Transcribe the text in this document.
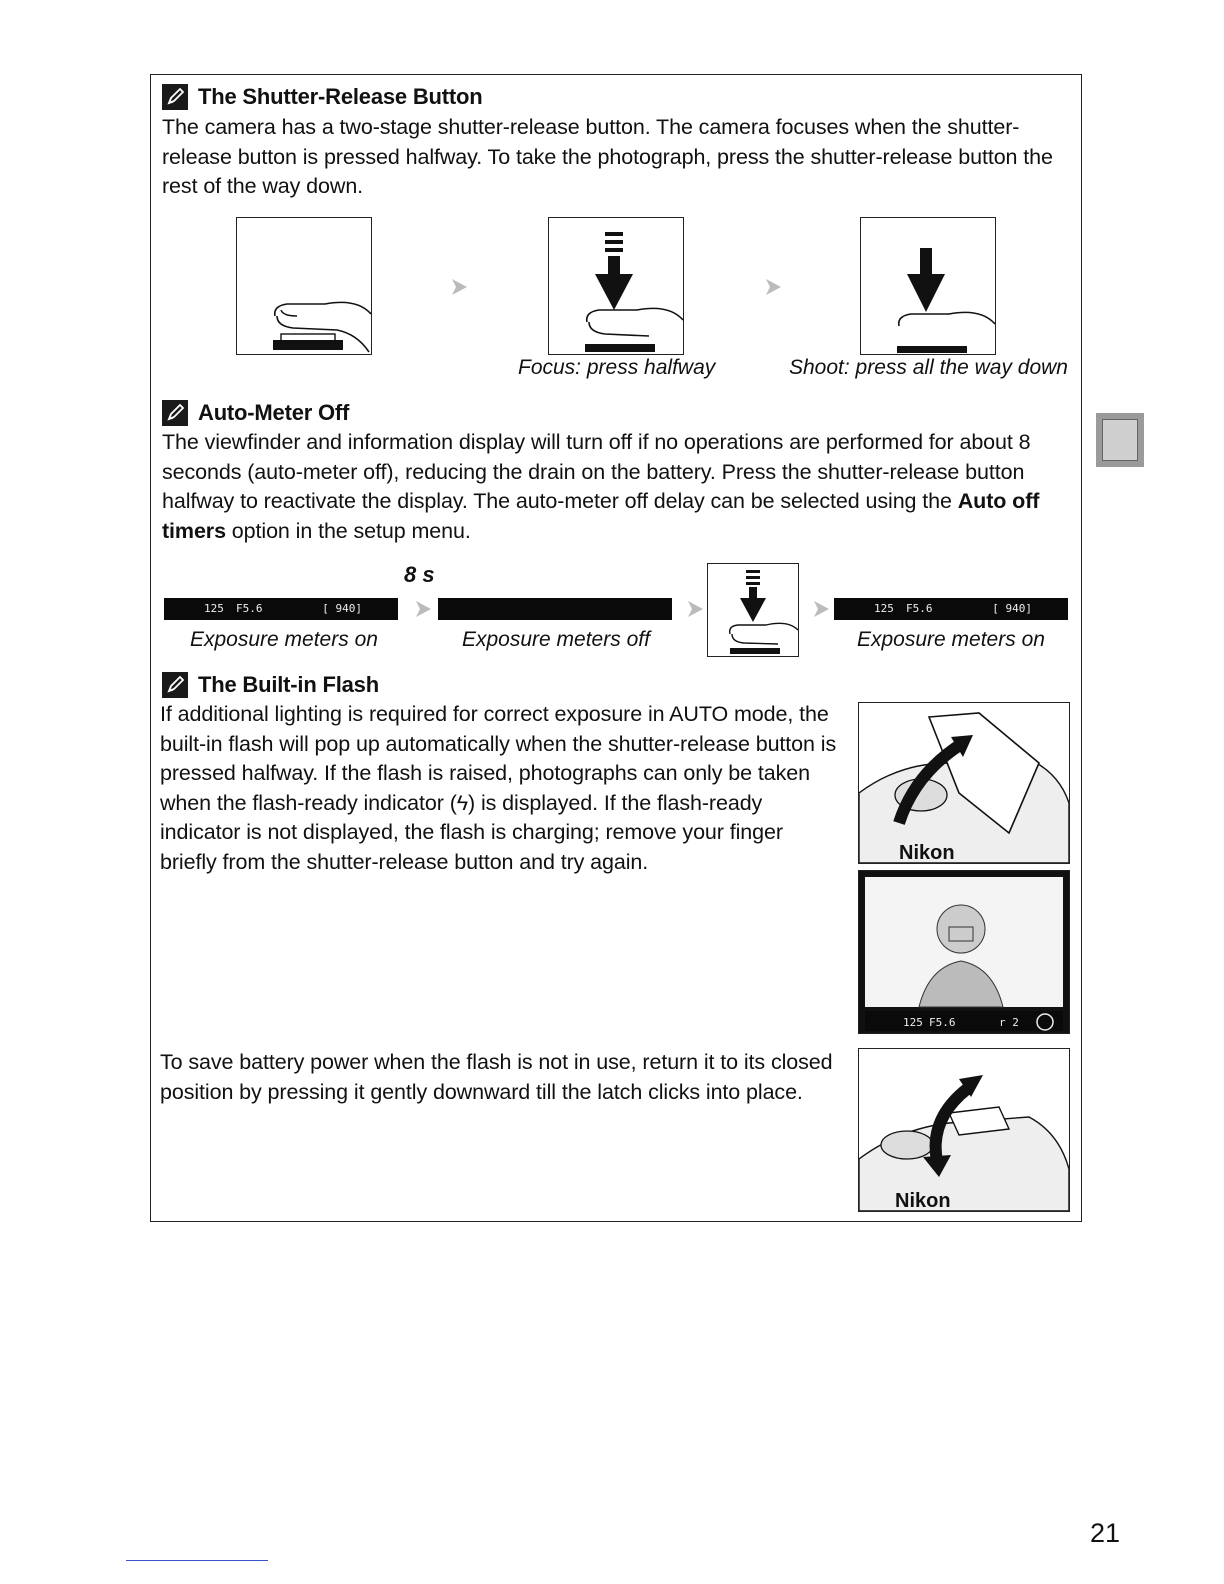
The Shutter-Release Button
The camera has a two-stage shutter-release button. The camera focuses when the shutter-release button is pressed halfway. To take the photograph, press the shutter-release button the rest of the way down.
Focus: press halfway	Shoot: press all the way down
Auto-Meter Off
The viewfinder and information display will turn off if no operations are performed for about 8 seconds (auto-meter off), reducing the drain on the battery. Press the shutter-release button halfway to reactivate the display. The auto-meter off delay can be selected using the Auto off timers option in the setup menu.
8 s
125 F5.6	[ 940]	125 F5.6	[ 940]
Exposure meters on	Exposure meters off	Exposure meters on
The Built-in Flash
If additional lighting is required for correct exposure in AUTO mode, the built-in flash will pop up automatically when the shutter-release button is pressed halfway. If the flash is raised, photographs can only be taken when the flash-ready indicator (ϟ) is displayed. If the flash-ready indicator is not displayed, the flash is charging; remove your finger briefly from the shutter-release button and try again.	Nikon
125 F5.6	r 2
To save battery power when the flash is not in use, return it to its closed position by pressing it gently downward till the latch clicks into place.
Nikon
21
